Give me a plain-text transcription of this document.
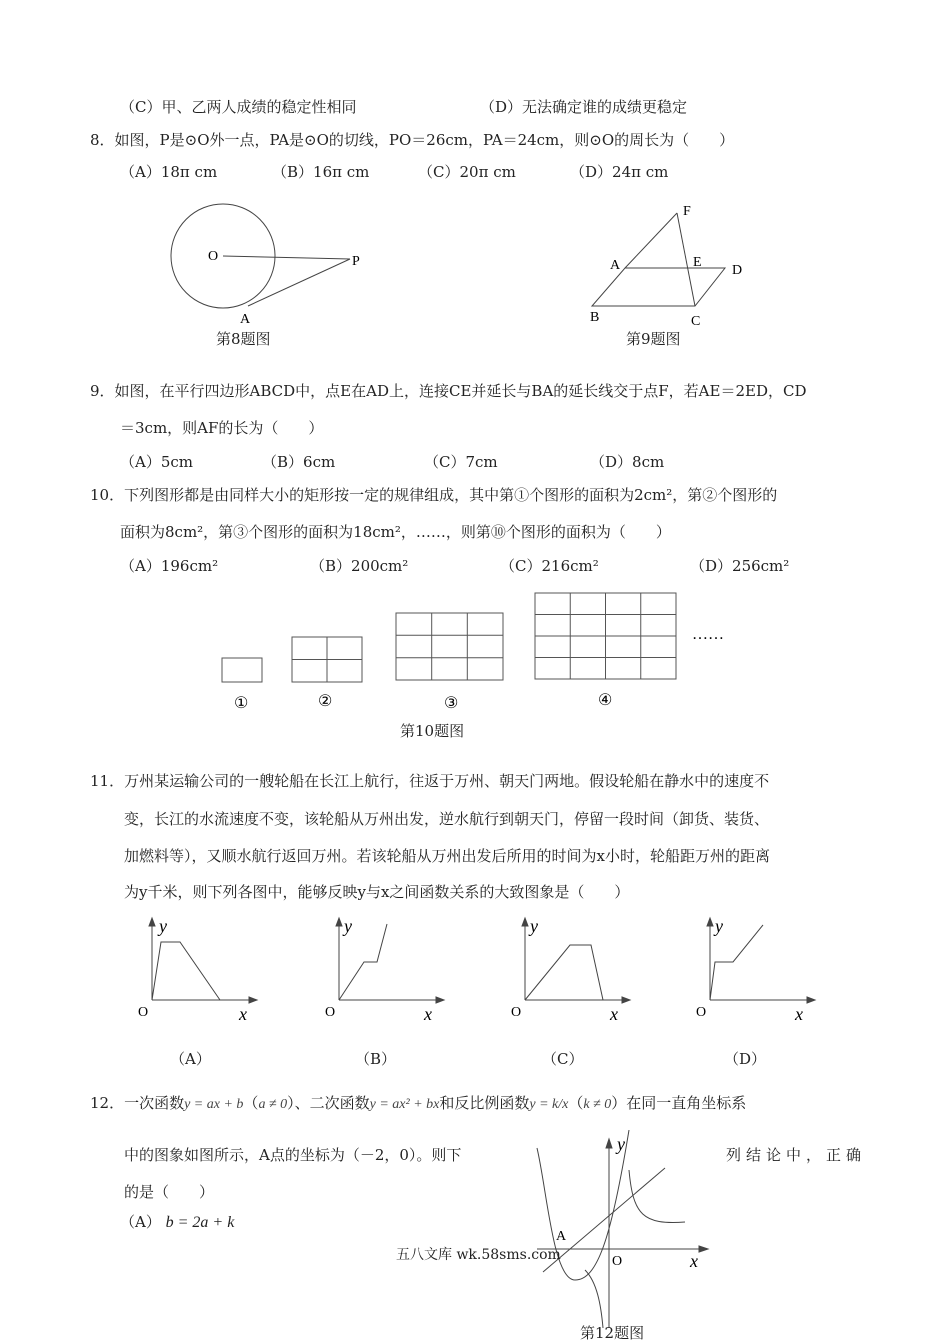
（C）甲、乙两人成绩的稳定性相同	（D）无法确定谁的成绩更稳定
8．如图，P是⊙O外一点，PA是⊙O的切线，PO＝26cm，PA＝24cm，则⊙O的周长为（　　）
（A）18π cm	（B）16π cm	（C）20π cm	（D）24π cm
O	P
A
第8题图
F
A	E
D
B	C
第9题图
9．如图，在平行四边形ABCD中，点E在AD上，连接CE并延长与BA的延长线交于点F，若AE＝2ED，CD
＝3cm，则AF的长为（　　）
（A）5cm	（B）6cm	（C）7cm	（D）8cm
10．下列图形都是由同样大小的矩形按一定的规律组成，其中第①个图形的面积为2cm²，第②个图形的
面积为8cm²，第③个图形的面积为18cm²，……，则第⑩个图形的面积为（　　）
（A）196cm²	（B）200cm²	（C）216cm²	（D）256cm²
……
①	②	③	④
第10题图
11．万州某运输公司的一艘轮船在长江上航行，往返于万州、朝天门两地。假设轮船在静水中的速度不
变，长江的水流速度不变，该轮船从万州出发，逆水航行到朝天门，停留一段时间（卸货、装货、
加燃料等），又顺水航行返回万州。若该轮船从万州出发后所用的时间为x小时，轮船距万州的距离
为y千米，则下列各图中，能够反映y与x之间函数关系的大致图象是（　　）
y
O	x
y
O	x
y
O	x
y
O	x
（A）	（B）	（C）	（D）
12．一次函数y = ax + b（a ≠ 0）、二次函数y = ax² + bx和反比例函数y = k/x（k ≠ 0）在同一直角坐标系
中的图象如图所示，A点的坐标为（－2，0）。则下	列结论中，正确
的是（　　）
（A） b = 2a + k
y
A
O	x
第12题图
五八文库 wk.58sms.com
